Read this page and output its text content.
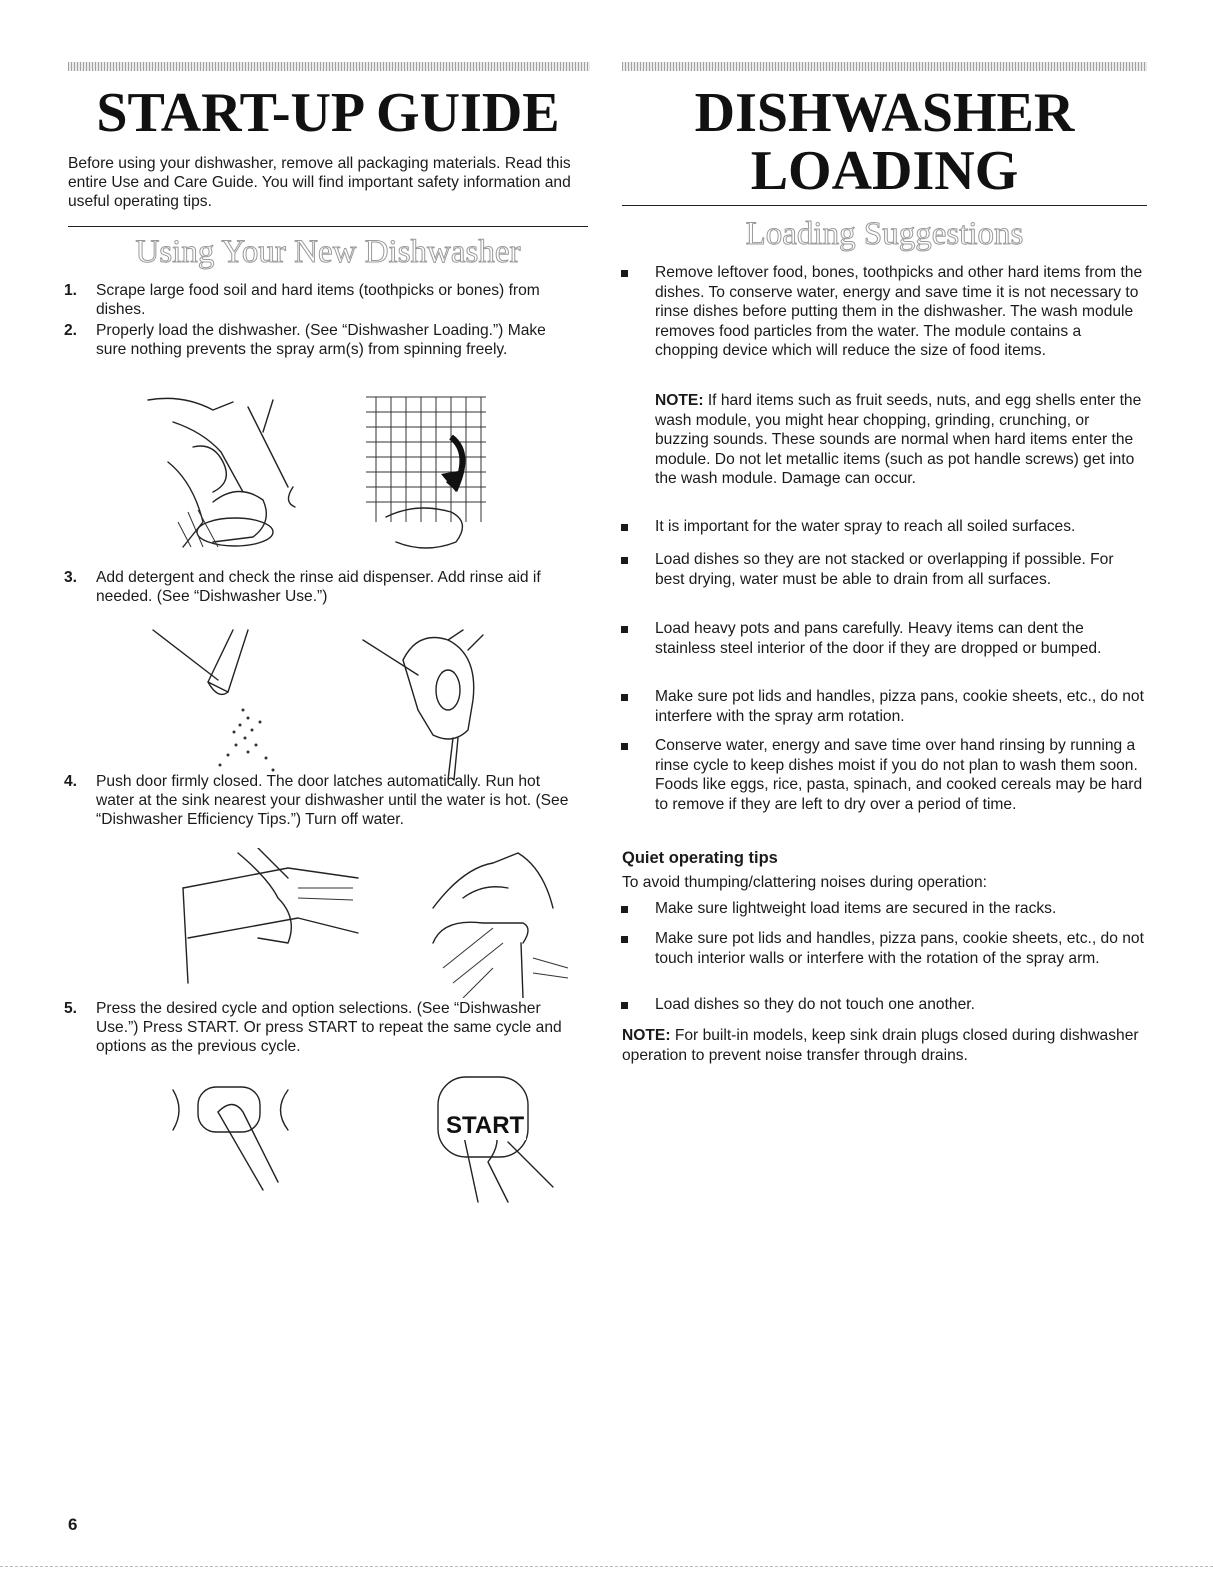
START-UP GUIDE
Before using your dishwasher, remove all packaging materials. Read this entire Use and Care Guide. You will find important safety information and useful operating tips.
Using Your New Dishwasher
1. Scrape large food soil and hard items (toothpicks or bones) from dishes.
2. Properly load the dishwasher. (See “Dishwasher Loading.”) Make sure nothing prevents the spray arm(s) from spinning freely.
3. Add detergent and check the rinse aid dispenser. Add rinse aid if needed. (See “Dishwasher Use.”)
4. Push door firmly closed. The door latches automatically. Run hot water at the sink nearest your dishwasher until the water is hot. (See “Dishwasher Efficiency Tips.”) Turn off water.
5. Press the desired cycle and option selections. (See “Dishwasher Use.”) Press START. Or press START to repeat the same cycle and options as the previous cycle.
START
DISHWASHER
LOADING
Loading Suggestions
Remove leftover food, bones, toothpicks and other hard items from the dishes. To conserve water, energy and save time it is not necessary to rinse dishes before putting them in the dishwasher. The wash module removes food particles from the water. The module contains a chopping device which will reduce the size of food items.
NOTE: If hard items such as fruit seeds, nuts, and egg shells enter the wash module, you might hear chopping, grinding, crunching, or buzzing sounds. These sounds are normal when hard items enter the module. Do not let metallic items (such as pot handle screws) get into the wash module. Damage can occur.
It is important for the water spray to reach all soiled surfaces.
Load dishes so they are not stacked or overlapping if possible. For best drying, water must be able to drain from all surfaces.
Load heavy pots and pans carefully. Heavy items can dent the stainless steel interior of the door if they are dropped or bumped.
Make sure pot lids and handles, pizza pans, cookie sheets, etc., do not interfere with the spray arm rotation.
Conserve water, energy and save time over hand rinsing by running a rinse cycle to keep dishes moist if you do not plan to wash them soon. Foods like eggs, rice, pasta, spinach, and cooked cereals may be hard to remove if they are left to dry over a period of time.
Quiet operating tips
To avoid thumping/clattering noises during operation:
Make sure lightweight load items are secured in the racks.
Make sure pot lids and handles, pizza pans, cookie sheets, etc., do not touch interior walls or interfere with the rotation of the spray arm.
Load dishes so they do not touch one another.
NOTE: For built-in models, keep sink drain plugs closed during dishwasher operation to prevent noise transfer through drains.
6
